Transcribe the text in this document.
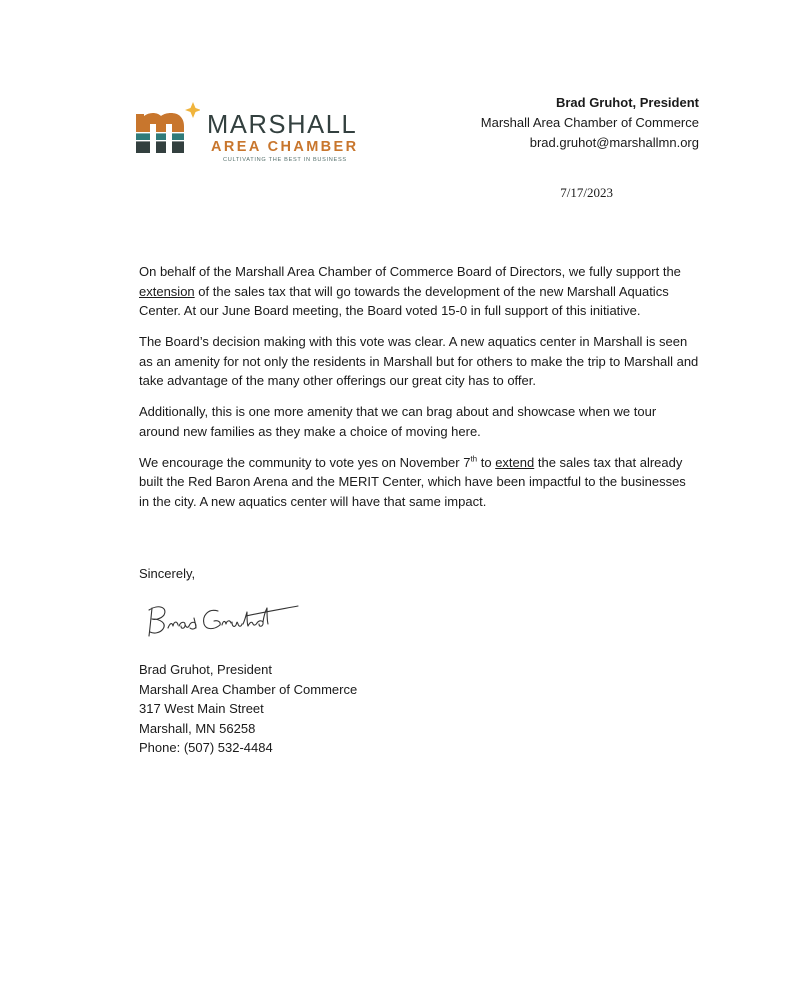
MARSHALL
AREA CHAMBER
CULTIVATING THE BEST IN BUSINESS
Brad Gruhot, President
Marshall Area Chamber of Commerce
brad.gruhot@marshallmn.org
7/17/2023

On behalf of the Marshall Area Chamber of Commerce Board of Directors, we fully support the extension of the sales tax that will go towards the development of the new Marshall Aquatics Center. At our June Board meeting, the Board voted 15-0 in full support of this initiative.

The Board’s decision making with this vote was clear. A new aquatics center in Marshall is seen as an amenity for not only the residents in Marshall but for others to make the trip to Marshall and take advantage of the many other offerings our great city has to offer.

Additionally, this is one more amenity that we can brag about and showcase when we tour around new families as they make a choice of moving here.

We encourage the community to vote yes on November 7th to extend the sales tax that already built the Red Baron Arena and the MERIT Center, which have been impactful to the businesses in the city. A new aquatics center will have that same impact.

Sincerely,
Brad Gruhot, President
Marshall Area Chamber of Commerce
317 West Main Street
Marshall, MN 56258
Phone: (507) 532-4484
